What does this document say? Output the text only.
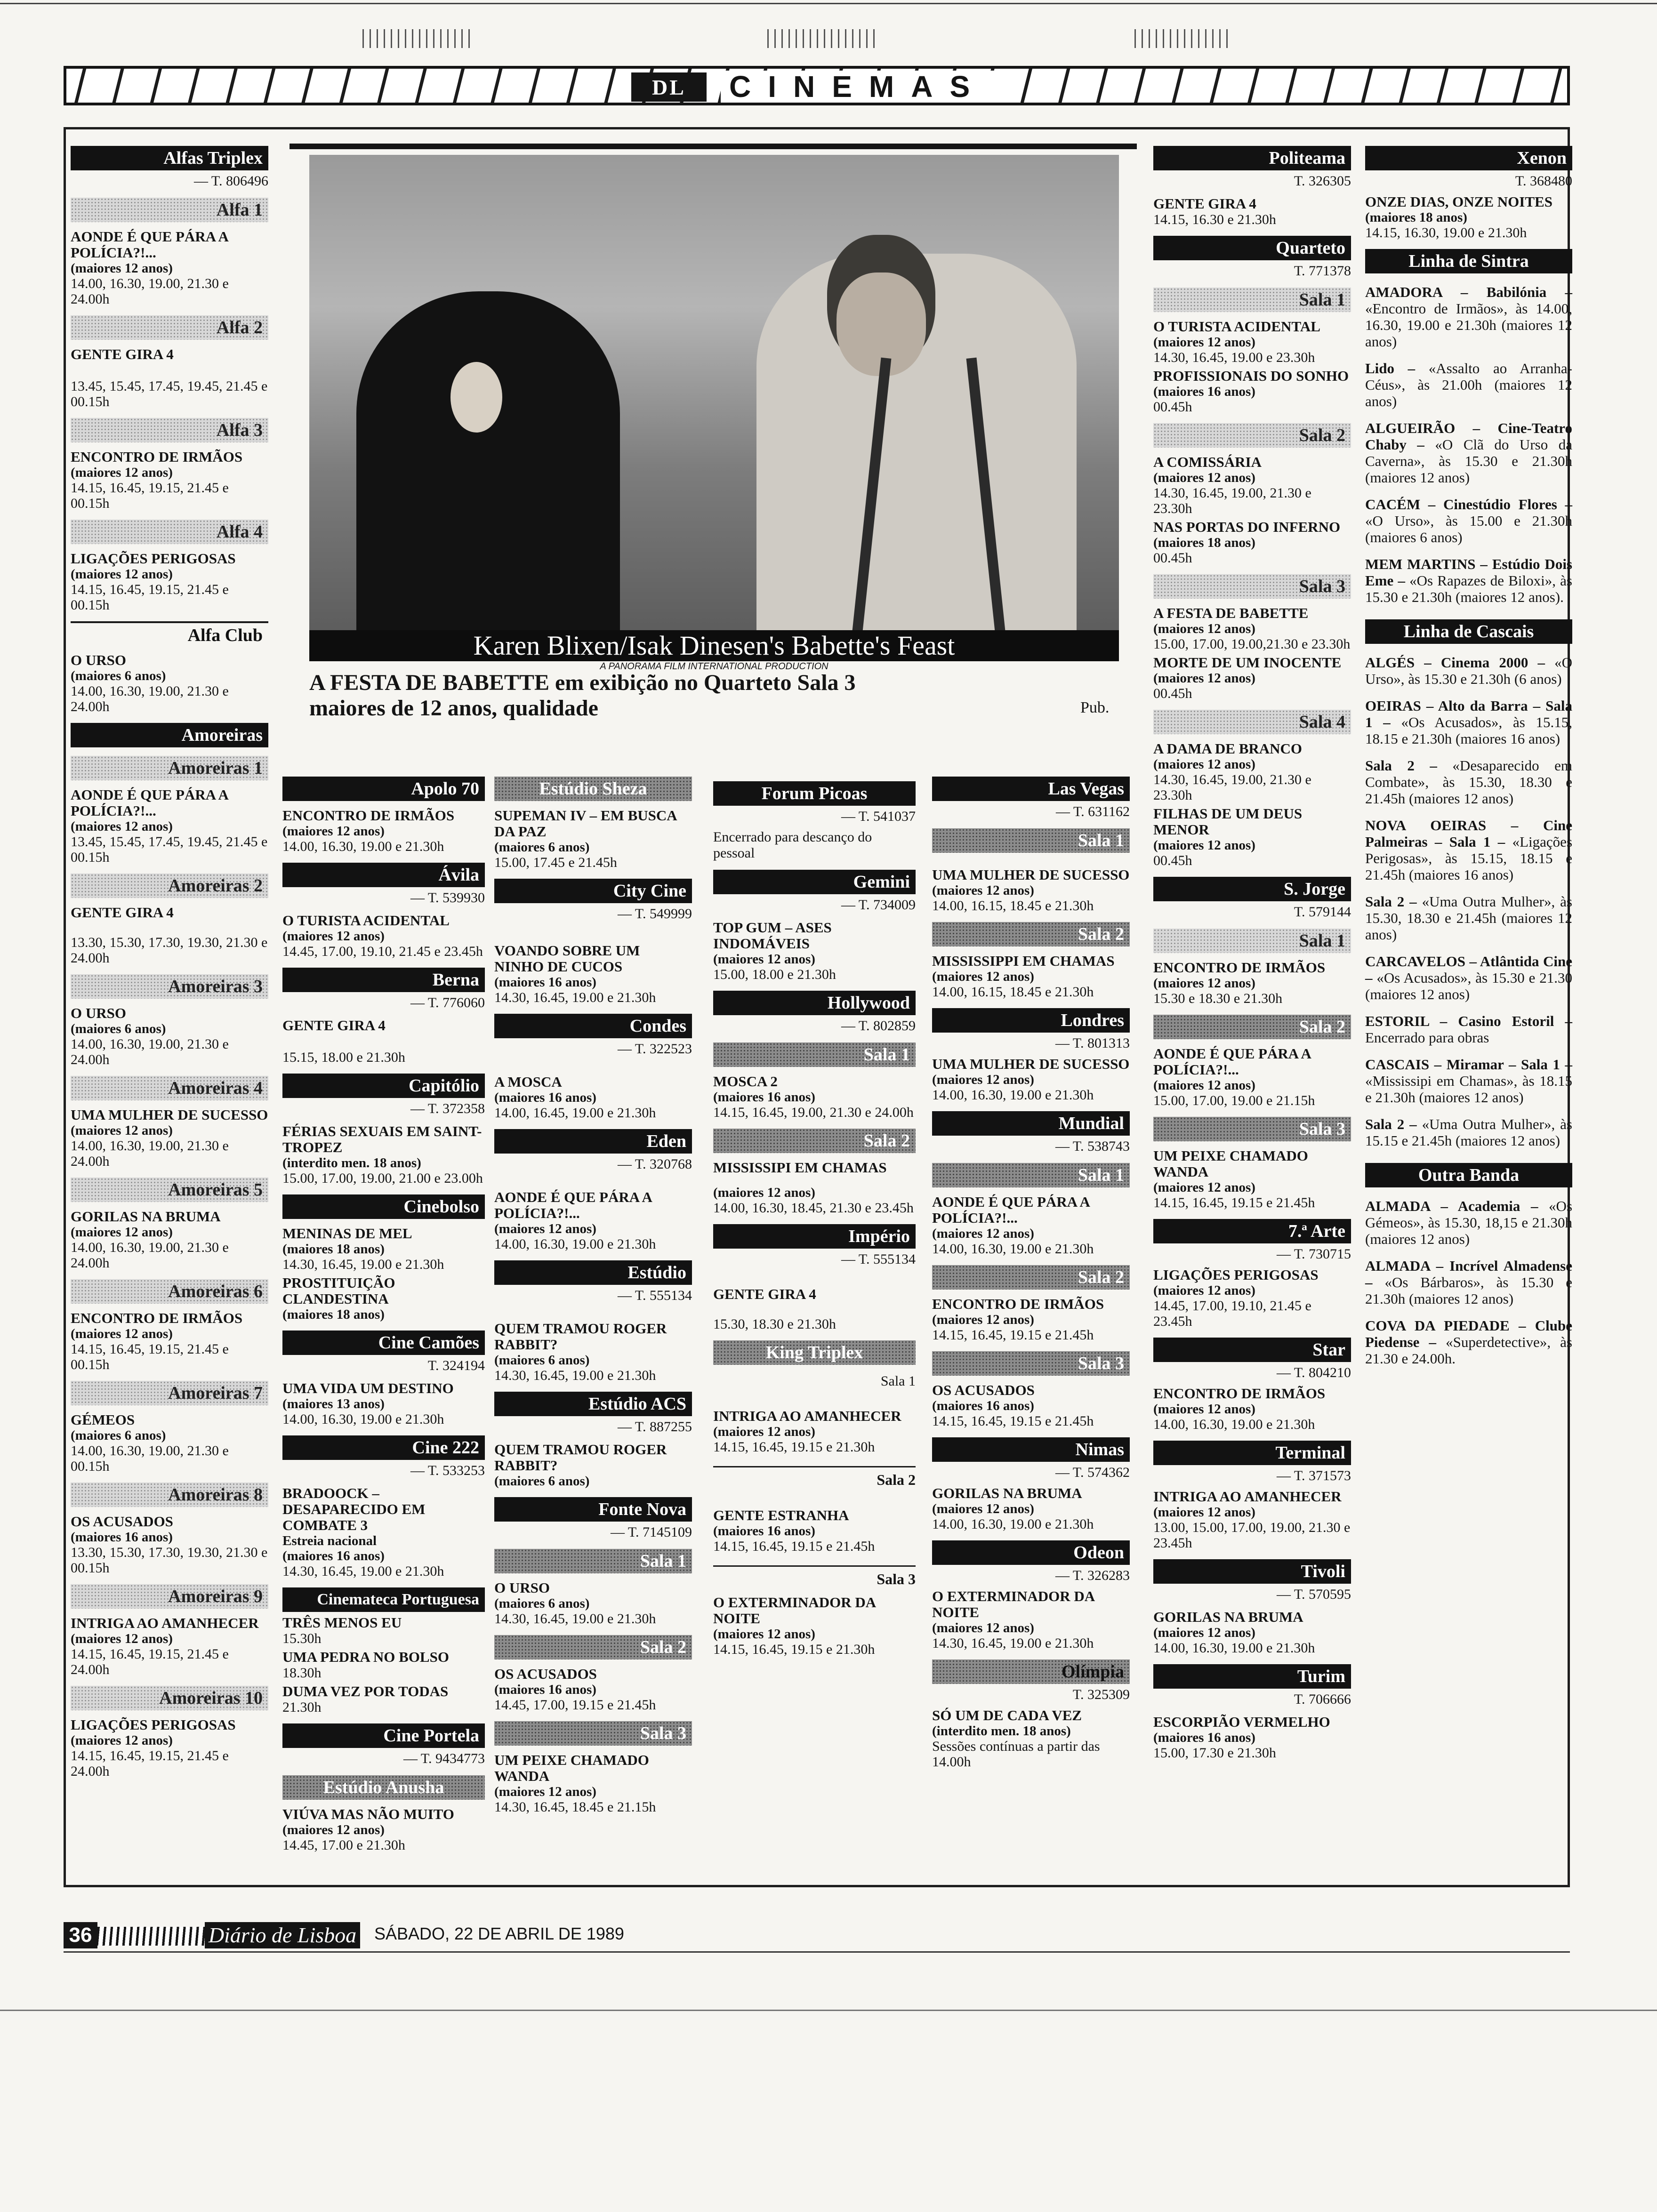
DL	CINEMAS
Alfas Triplex
— T. 806496
Alfa 1
AONDE É QUE PÁRA A POLÍCIA?!...
(maiores 12 anos)
14.00, 16.30, 19.00, 21.30 e 24.00h
Alfa 2
GENTE GIRA 4
13.45, 15.45, 17.45, 19.45, 21.45 e 00.15h
Alfa 3
ENCONTRO DE IRMÃOS
(maiores 12 anos)
14.15, 16.45, 19.15, 21.45 e 00.15h
Alfa 4
LIGAÇÕES PERIGOSAS
(maiores 12 anos)
14.15, 16.45, 19.15, 21.45 e 00.15h
Alfa Club
O URSO
(maiores 6 anos)
14.00, 16.30, 19.00, 21.30 e 24.00h
Amoreiras
Amoreiras 1
AONDE É QUE PÁRA A POLÍCIA?!...
(maiores 12 anos)
13.45, 15.45, 17.45, 19.45, 21.45 e 00.15h
Amoreiras 2
GENTE GIRA 4
13.30, 15.30, 17.30, 19.30, 21.30 e 24.00h
Amoreiras 3
O URSO
(maiores 6 anos)
14.00, 16.30, 19.00, 21.30 e 24.00h
Amoreiras 4
UMA MULHER DE SUCESSO
(maiores 12 anos)
14.00, 16.30, 19.00, 21.30 e 24.00h
Amoreiras 5
GORILAS NA BRUMA
(maiores 12 anos)
14.00, 16.30, 19.00, 21.30 e 24.00h
Amoreiras 6
ENCONTRO DE IRMÃOS
(maiores 12 anos)
14.15, 16.45, 19.15, 21.45 e 00.15h
Amoreiras 7
GÉMEOS
(maiores 6 anos)
14.00, 16.30, 19.00, 21.30 e 00.15h
Amoreiras 8
OS ACUSADOS
(maiores 16 anos)
13.30, 15.30, 17.30, 19.30, 21.30 e 00.15h
Amoreiras 9
INTRIGA AO AMANHECER
(maiores 12 anos)
14.15, 16.45, 19.15, 21.45 e 24.00h
Amoreiras 10
LIGAÇÕES PERIGOSAS
(maiores 12 anos)
14.15, 16.45, 19.15, 21.45 e 24.00h
Karen Blixen/Isak Dinesen's Babette's Feast
A PANORAMA FILM INTERNATIONAL PRODUCTION
A FESTA DE BABETTE em exibição no Quarteto Sala 3
maiores de 12 anos, qualidade	Pub.
Apolo 70
ENCONTRO DE IRMÃOS
(maiores 12 anos)
14.00, 16.30, 19.00 e 21.30h
Ávila
— T. 539930
O TURISTA ACIDENTAL
(maiores 12 anos)
14.45, 17.00, 19.10, 21.45 e 23.45h
Berna
— T. 776060
GENTE GIRA 4
15.15, 18.00 e 21.30h
Capitólio
— T. 372358
FÉRIAS SEXUAIS EM SAINT-TROPEZ
(interdito men. 18 anos)
15.00, 17.00, 19.00, 21.00 e 23.00h
Cinebolso
MENINAS DE MEL
(maiores 18 anos)
14.30, 16.45, 19.00 e 21.30h
PROSTITUIÇÃO CLANDESTINA
(maiores 18 anos)
Cine Camões
T. 324194
UMA VIDA UM DESTINO
(maiores 13 anos)
14.00, 16.30, 19.00 e 21.30h
Cine 222
— T. 533253
BRADOOCK – DESAPARECIDO EM COMBATE 3
Estreia nacional
(maiores 16 anos)
14.30, 16.45, 19.00 e 21.30h
Cinemateca Portuguesa
TRÊS MENOS EU
15.30h
UMA PEDRA NO BOLSO
18.30h
DUMA VEZ POR TODAS
21.30h
Cine Portela
— T. 9434773
Estúdio Anusha
VIÚVA MAS NÃO MUITO
(maiores 12 anos)
14.45, 17.00 e 21.30h
Estúdio Sheza
SUPEMAN IV – EM BUSCA DA PAZ
(maiores 6 anos)
15.00, 17.45 e 21.45h
City Cine
— T. 549999
VOANDO SOBRE UM NINHO DE CUCOS
(maiores 16 anos)
14.30, 16.45, 19.00 e 21.30h
Condes
— T. 322523
A MOSCA
(maiores 16 anos)
14.00, 16.45, 19.00 e 21.30h
Eden
— T. 320768
AONDE É QUE PÁRA A POLÍCIA?!...
(maiores 12 anos)
14.00, 16.30, 19.00 e 21.30h
Estúdio
— T. 555134
QUEM TRAMOU ROGER RABBIT?
(maiores 6 anos)
14.30, 16.45, 19.00 e 21.30h
Estúdio ACS
— T. 887255
QUEM TRAMOU ROGER RABBIT?
(maiores 6 anos)
Fonte Nova
— T. 7145109
Sala 1
O URSO
(maiores 6 anos)
14.30, 16.45, 19.00 e 21.30h
Sala 2
OS ACUSADOS
(maiores 16 anos)
14.45, 17.00, 19.15 e 21.45h
Sala 3
UM PEIXE CHAMADO WANDA
(maiores 12 anos)
14.30, 16.45, 18.45 e 21.15h
Forum Picoas
— T. 541037
Encerrado para descanço do pessoal
Gemini
— T. 734009
TOP GUM – ASES INDOMÁVEIS
(maiores 12 anos)
15.00, 18.00 e 21.30h
Hollywood
— T. 802859
Sala 1
MOSCA 2
(maiores 16 anos)
14.15, 16.45, 19.00, 21.30 e 24.00h
Sala 2
MISSISSIPI EM CHAMAS
(maiores 12 anos)
14.00, 16.30, 18.45, 21.30 e 23.45h
Império
— T. 555134
GENTE GIRA 4
15.30, 18.30 e 21.30h
King Triplex
Sala 1
INTRIGA AO AMANHECER
(maiores 12 anos)
14.15, 16.45, 19.15 e 21.30h
Sala 2
GENTE ESTRANHA
(maiores 16 anos)
14.15, 16.45, 19.15 e 21.45h
Sala 3
O EXTERMINADOR DA NOITE
(maiores 12 anos)
14.15, 16.45, 19.15 e 21.30h
Las Vegas
— T. 631162
Sala 1
UMA MULHER DE SUCESSO
(maiores 12 anos)
14.00, 16.15, 18.45 e 21.30h
Sala 2
MISSISSIPPI EM CHAMAS
(maiores 12 anos)
14.00, 16.15, 18.45 e 21.30h
Londres
— T. 801313
UMA MULHER DE SUCESSO
(maiores 12 anos)
14.00, 16.30, 19.00 e 21.30h
Mundial
— T. 538743
Sala 1
AONDE É QUE PÁRA A POLÍCIA?!...
(maiores 12 anos)
14.00, 16.30, 19.00 e 21.30h
Sala 2
ENCONTRO DE IRMÃOS
(maiores 12 anos)
14.15, 16.45, 19.15 e 21.45h
Sala 3
OS ACUSADOS
(maiores 16 anos)
14.15, 16.45, 19.15 e 21.45h
Nimas
— T. 574362
GORILAS NA BRUMA
(maiores 12 anos)
14.00, 16.30, 19.00 e 21.30h
Odeon
— T. 326283
O EXTERMINADOR DA NOITE
(maiores 12 anos)
14.30, 16.45, 19.00 e 21.30h
Olímpia
T. 325309
SÓ UM DE CADA VEZ
(interdito men. 18 anos)
Sessões contínuas a partir das 14.00h
Politeama
T. 326305
GENTE GIRA 4
14.15, 16.30 e 21.30h
Quarteto
T. 771378
Sala 1
O TURISTA ACIDENTAL
(maiores 12 anos)
14.30, 16.45, 19.00 e 23.30h
PROFISSIONAIS DO SONHO
(maiores 16 anos)
00.45h
Sala 2
A COMISSÁRIA
(maiores 12 anos)
14.30, 16.45, 19.00, 21.30 e 23.30h
NAS PORTAS DO INFERNO
(maiores 18 anos)
00.45h
Sala 3
A FESTA DE BABETTE
(maiores 12 anos)
15.00, 17.00, 19.00,21.30 e 23.30h
MORTE DE UM INOCENTE
(maiores 12 anos)
00.45h
Sala 4
A DAMA DE BRANCO
(maiores 12 anos)
14.30, 16.45, 19.00, 21.30 e 23.30h
FILHAS DE UM DEUS MENOR
(maiores 12 anos)
00.45h
S. Jorge
T. 579144
Sala 1
ENCONTRO DE IRMÃOS
(maiores 12 anos)
15.30 e 18.30 e 21.30h
Sala 2
AONDE É QUE PÁRA A POLÍCIA?!...
(maiores 12 anos)
15.00, 17.00, 19.00 e 21.15h
Sala 3
UM PEIXE CHAMADO WANDA
(maiores 12 anos)
14.15, 16.45, 19.15 e 21.45h
7.ª Arte
— T. 730715
LIGAÇÕES PERIGOSAS
(maiores 12 anos)
14.45, 17.00, 19.10, 21.45 e 23.45h
Star
— T. 804210
ENCONTRO DE IRMÃOS
(maiores 12 anos)
14.00, 16.30, 19.00 e 21.30h
Terminal
— T. 371573
INTRIGA AO AMANHECER
(maiores 12 anos)
13.00, 15.00, 17.00, 19.00, 21.30 e 23.45h
Tivoli
— T. 570595
GORILAS NA BRUMA
(maiores 12 anos)
14.00, 16.30, 19.00 e 21.30h
Turim
T. 706666
ESCORPIÃO VERMELHO
(maiores 16 anos)
15.00, 17.30 e 21.30h
Xenon
T. 368480
ONZE DIAS, ONZE NOITES
(maiores 18 anos)
14.15, 16.30, 19.00 e 21.30h
Linha de Sintra
AMADORA – Babilónia – «Encontro de Irmãos», às 14.00, 16.30, 19.00 e 21.30h (maiores 12 anos)
Lido – «Assalto ao Arranha-Céus», às 21.00h (maiores 12 anos)
ALGUEIRÃO – Cine-Teatro Chaby – «O Clã do Urso da Caverna», às 15.30 e 21.30h (maiores 12 anos)
CACÉM – Cinestúdio Flores – «O Urso», às 15.00 e 21.30h (maiores 6 anos)
MEM MARTINS – Estúdio Dois Eme – «Os Rapazes de Biloxi», às 15.30 e 21.30h (maiores 12 anos).
Linha de Cascais
ALGÉS – Cinema 2000 – «O Urso», às 15.30 e 21.30h (6 anos)
OEIRAS – Alto da Barra – Sala 1 – «Os Acusados», às 15.15, 18.15 e 21.30h (maiores 16 anos)
Sala 2 – «Desaparecido em Combate», às 15.30, 18.30 e 21.45h (maiores 12 anos)
NOVA OEIRAS – Cine Palmeiras – Sala 1 – «Ligações Perigosas», às 15.15, 18.15 e 21.45h (maiores 16 anos)
Sala 2 – «Uma Outra Mulher», às 15.30, 18.30 e 21.45h (maiores 12 anos)
CARCAVELOS – Atlântida Cine – «Os Acusados», às 15.30 e 21.30 (maiores 12 anos)
ESTORIL – Casino Estoril – Encerrado para obras
CASCAIS – Miramar – Sala 1 – «Mississipi em Chamas», às 18.15 e 21.30h (maiores 12 anos)
Sala 2 – «Uma Outra Mulher», às 15.15 e 21.45h (maiores 12 anos)
Outra Banda
ALMADA – Academia – «Os Gémeos», às 15.30, 18,15 e 21.30h (maiores 12 anos)
ALMADA – Incrível Almadense – «Os Bárbaros», às 15.30 e 21.30h (maiores 12 anos)
COVA DA PIEDADE – Clube Piedense – «Superdetective», às 21.30 e 24.00h.
36	Diário de Lisboa SÁBADO, 22 DE ABRIL DE 1989
